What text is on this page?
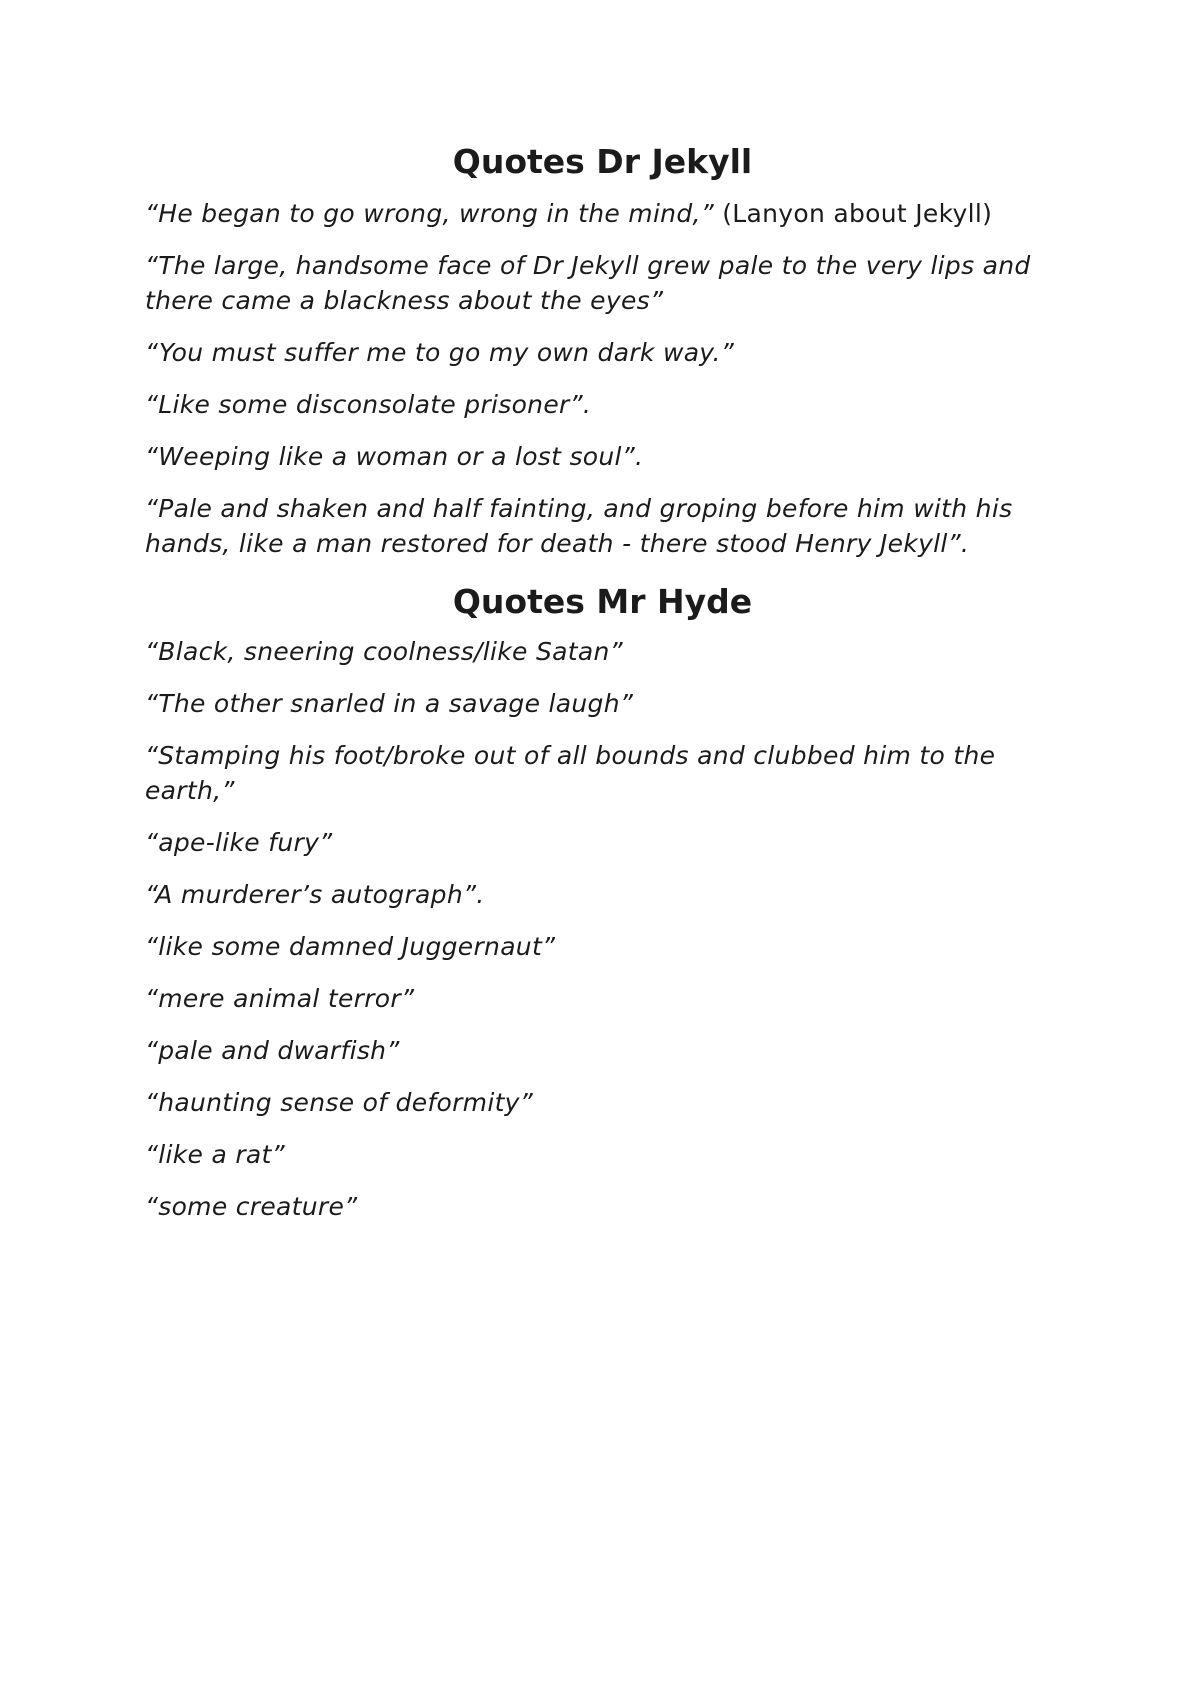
Quotes Dr Jekyll

“He began to go wrong, wrong in the mind,” (Lanyon about Jekyll)

“The large, handsome face of Dr Jekyll grew pale to the very lips and there came a blackness about the eyes”

“You must suffer me to go my own dark way.”

“Like some disconsolate prisoner”.

“Weeping like a woman or a lost soul”.

“Pale and shaken and half fainting, and groping before him with his hands, like a man restored for death - there stood Henry Jekyll”.

Quotes Mr Hyde

“Black, sneering coolness/like Satan”

“The other snarled in a savage laugh”

“Stamping his foot/broke out of all bounds and clubbed him to the earth,”

“ape-like fury”

“A murderer’s autograph”.

“like some damned Juggernaut”

“mere animal terror”

“pale and dwarfish”

“haunting sense of deformity”

“like a rat”

“some creature”
